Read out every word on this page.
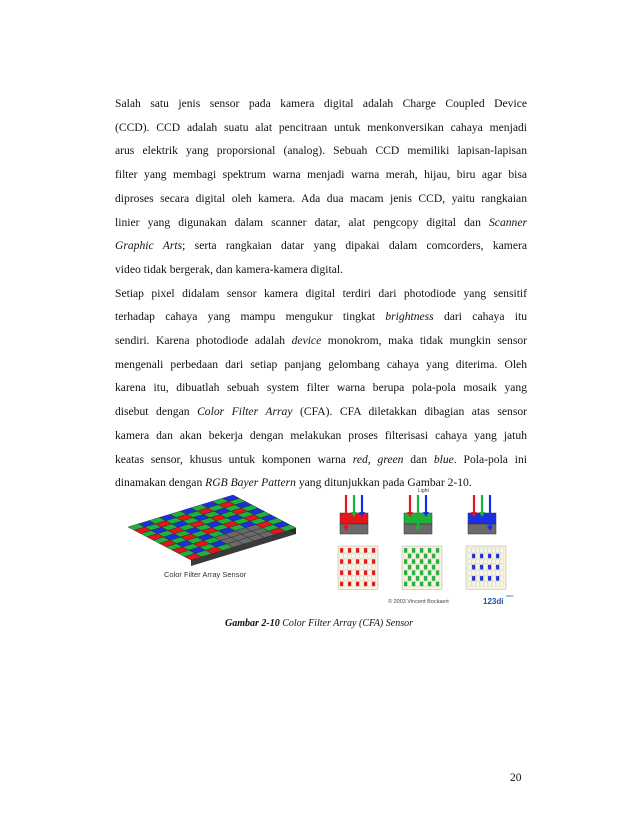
Salah satu jenis sensor pada kamera digital adalah Charge Coupled Device

(CCD). CCD adalah suatu alat pencitraan untuk menkonversikan cahaya menjadi

arus elektrik yang proporsional (analog). Sebuah CCD memiliki lapisan-lapisan

filter yang membagi spektrum warna menjadi warna merah, hijau, biru agar bisa

diproses secara digital oleh kamera. Ada dua macam jenis CCD, yaitu rangkaian

linier yang digunakan dalam scanner datar, alat pengcopy digital dan Scanner

Graphic Arts; serta rangkaian datar yang dipakai dalam comcorders, kamera

video tidak bergerak, dan kamera-kamera digital.

Setiap pixel didalam sensor kamera digital terdiri dari photodiode yang sensitif

terhadap cahaya yang mampu mengukur tingkat brightness dari cahaya itu

sendiri. Karena photodiode adalah device monokrom, maka tidak mungkin sensor

mengenali perbedaan dari setiap panjang gelombang cahaya yang diterima. Oleh

karena itu, dibuatlah sebuah system filter warna berupa pola-pola mosaik yang

disebut dengan Color Filter Array (CFA). CFA diletakkan dibagian atas sensor

kamera dan akan bekerja dengan melakukan proses filterisasi cahaya yang jatuh

keatas sensor, khusus untuk komponen warna red, green dan blue. Pola-pola ini

dinamakan dengan RGB Bayer Pattern yang ditunjukkan pada Gambar 2-10.

Color Filter Array Sensor
Light
© 2003 Vincent Bockaert	123di
com
Gambar 2-10 Color Filter Array (CFA) Sensor
20
